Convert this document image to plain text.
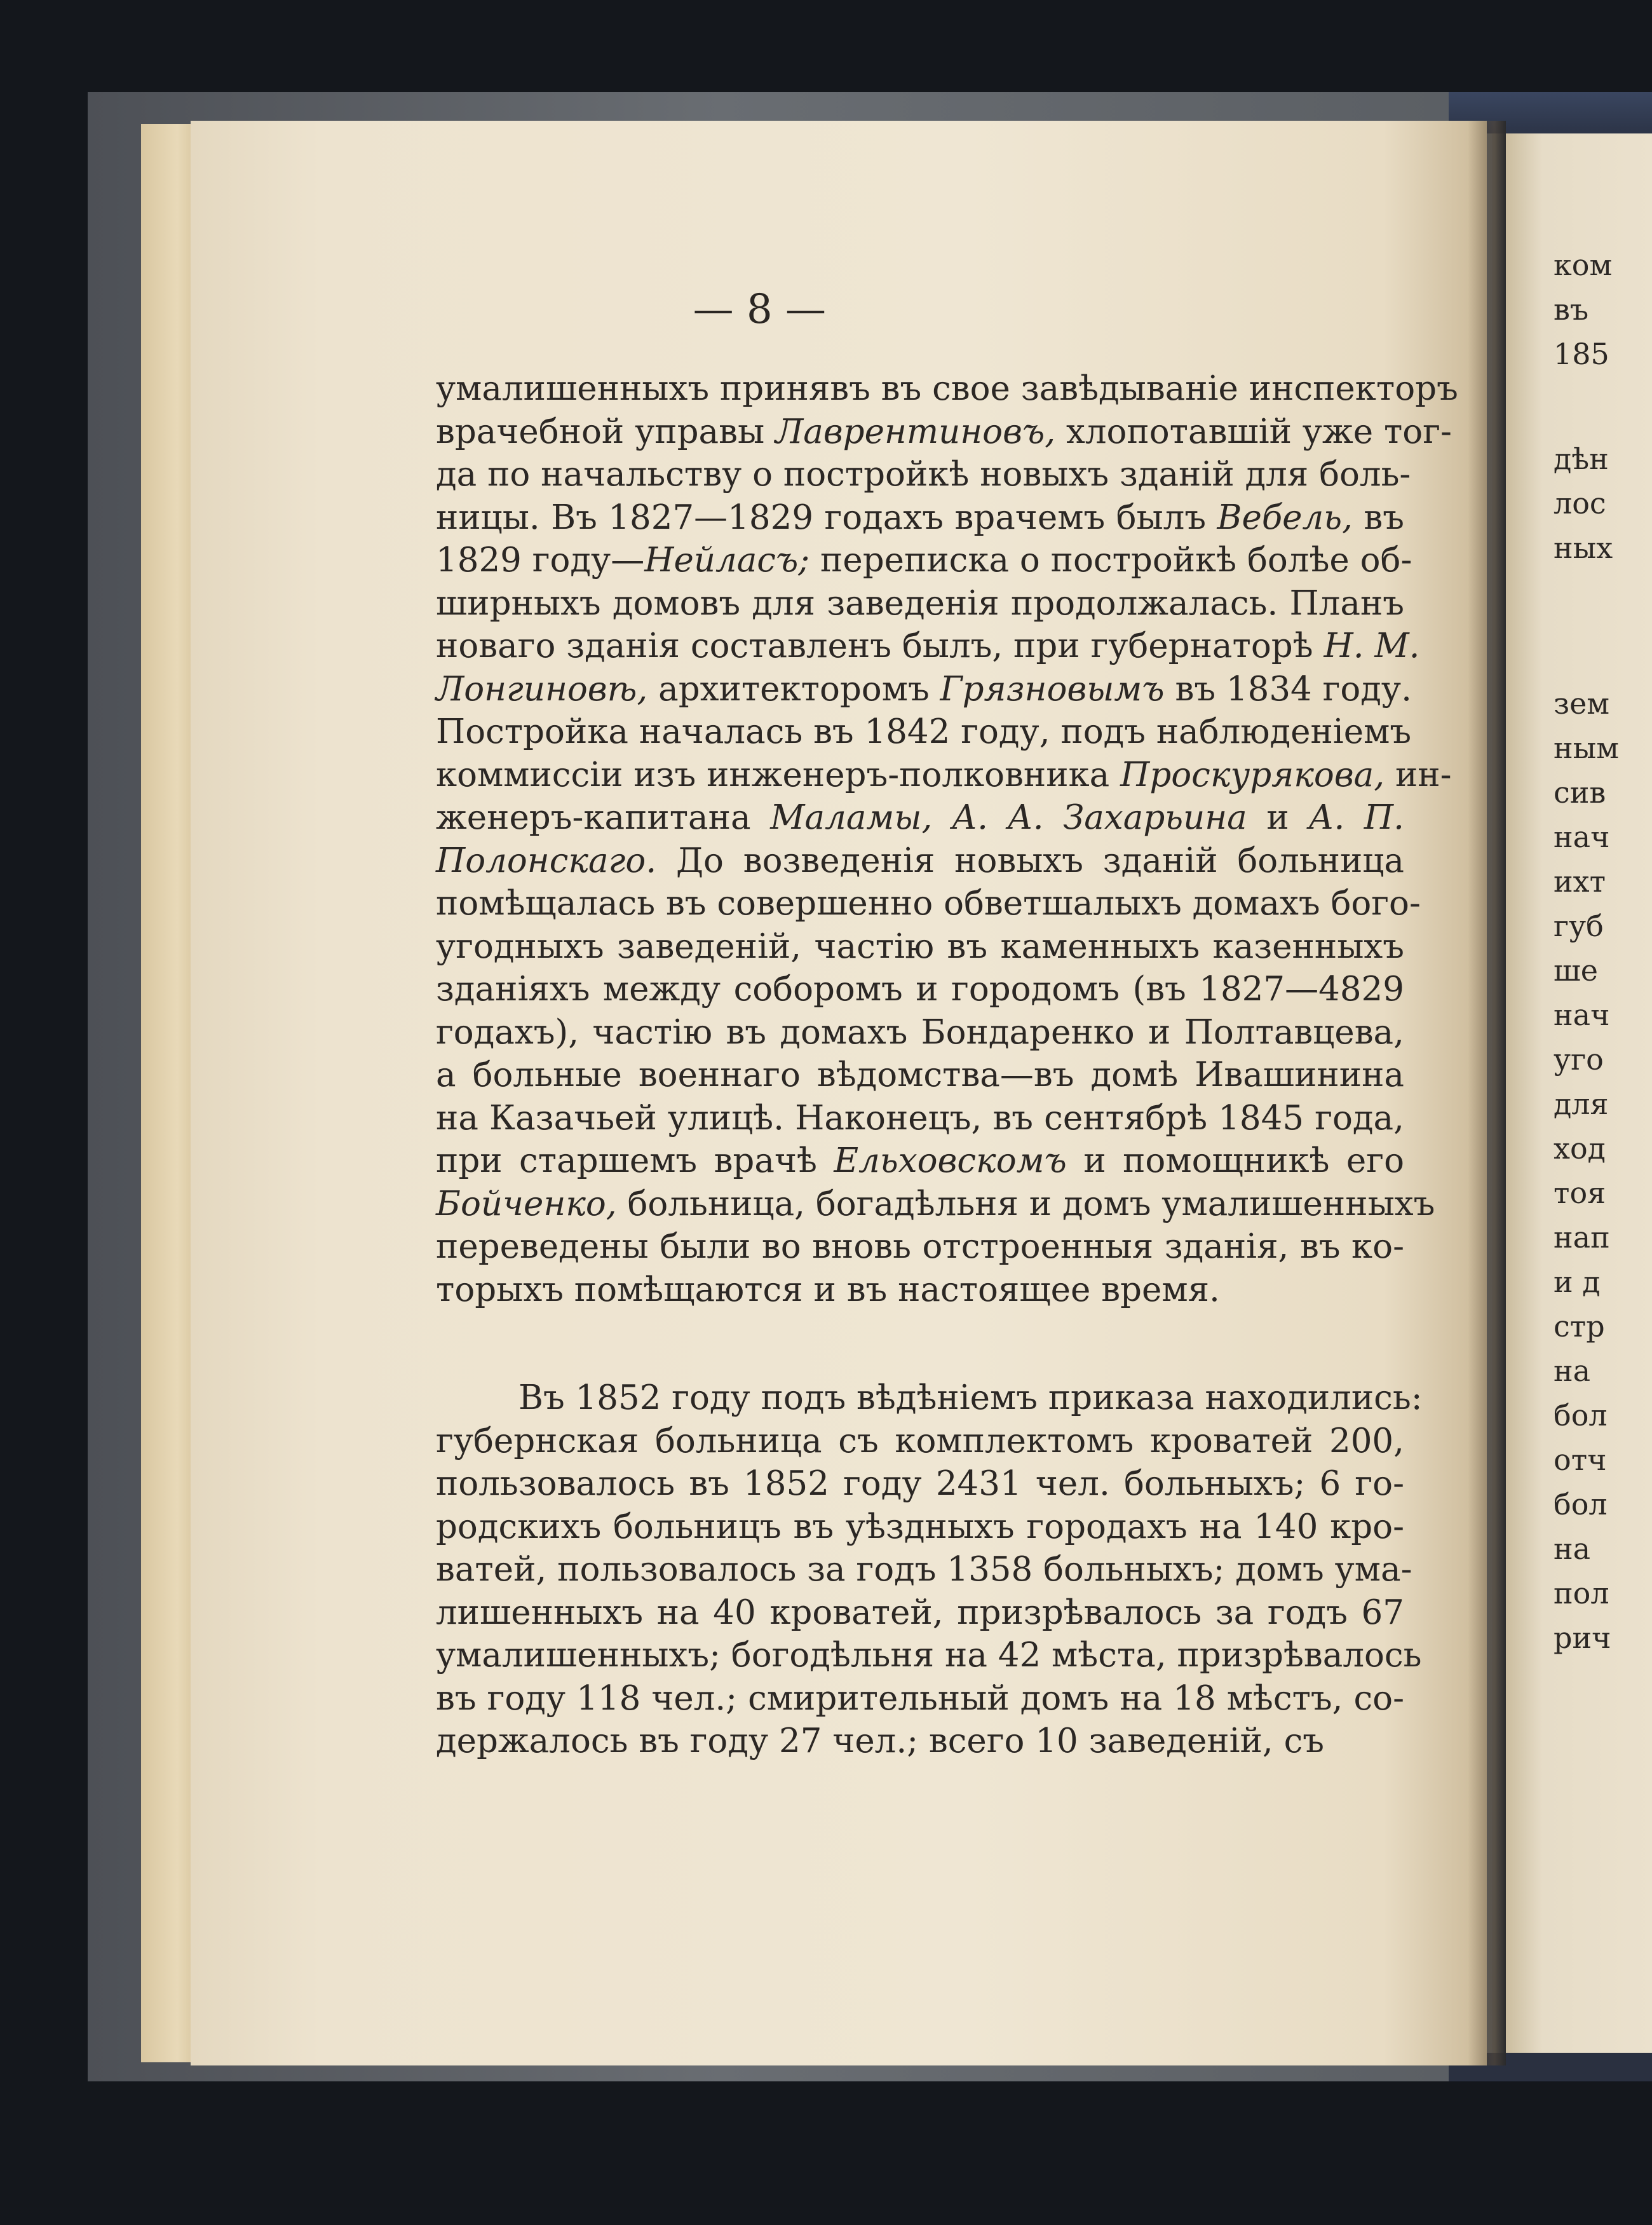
ком
въ
185
дѣн
лос
ных
зем
ным
сив
нач
ихт
губ
ше
нач
уго
для
ход
тоя
нап
и д
стр
на
бол
отч
бол
на
пол
рич
— 8 —
умалишенныхъ принявъ въ свое завѣдываніе инспекторъ
врачебной управы Лаврентиновъ, хлопотавшій уже тог-
да по начальству о постройкѣ новыхъ зданій для боль-
ницы. Въ 1827—1829 годахъ врачемъ былъ Вебель, въ
1829 году—Нейласъ; переписка о постройкѣ болѣе об-
ширныхъ домовъ для заведенія продолжалась. Планъ
новаго зданія составленъ былъ, при губернаторѣ Н. М.
Лонгиновѣ, архитекторомъ Грязновымъ въ 1834 году.
Постройка началась въ 1842 году, подъ наблюденіемъ
коммиссіи изъ инженеръ-полковника Проскурякова, ин-
женеръ-капитана Маламы, А. А. Захарьина и А. П.
Полонскаго. До возведенія новыхъ зданій больница
помѣщалась въ совершенно обветшалыхъ домахъ бого-
угодныхъ заведеній, частію въ каменныхъ казенныхъ
зданіяхъ между соборомъ и городомъ (въ 1827—4829
годахъ), частію въ домахъ Бондаренко и Полтавцева,
а больные военнаго вѣдомства—въ домѣ Ивашинина
на Казачьей улицѣ. Наконецъ, въ сентябрѣ 1845 года,
при старшемъ врачѣ Ельховскомъ и помощникѣ его
Бойченко, больница, богадѣльня и домъ умалишенныхъ
переведены были во вновь отстроенныя зданія, въ ко-
торыхъ помѣщаются и въ настоящее время.
Въ 1852 году подъ вѣдѣніемъ приказа находились:
губернская больница съ комплектомъ кроватей 200,
пользовалось въ 1852 году 2431 чел. больныхъ; 6 го-
родскихъ больницъ въ уѣздныхъ городахъ на 140 кро-
ватей, пользовалось за годъ 1358 больныхъ; домъ ума-
лишенныхъ на 40 кроватей, призрѣвалось за годъ 67
умалишенныхъ; богодѣльня на 42 мѣста, призрѣвалось
въ году 118 чел.; смирительный домъ на 18 мѣстъ, со-
держалось въ году 27 чел.; всего 10 заведеній, съ
